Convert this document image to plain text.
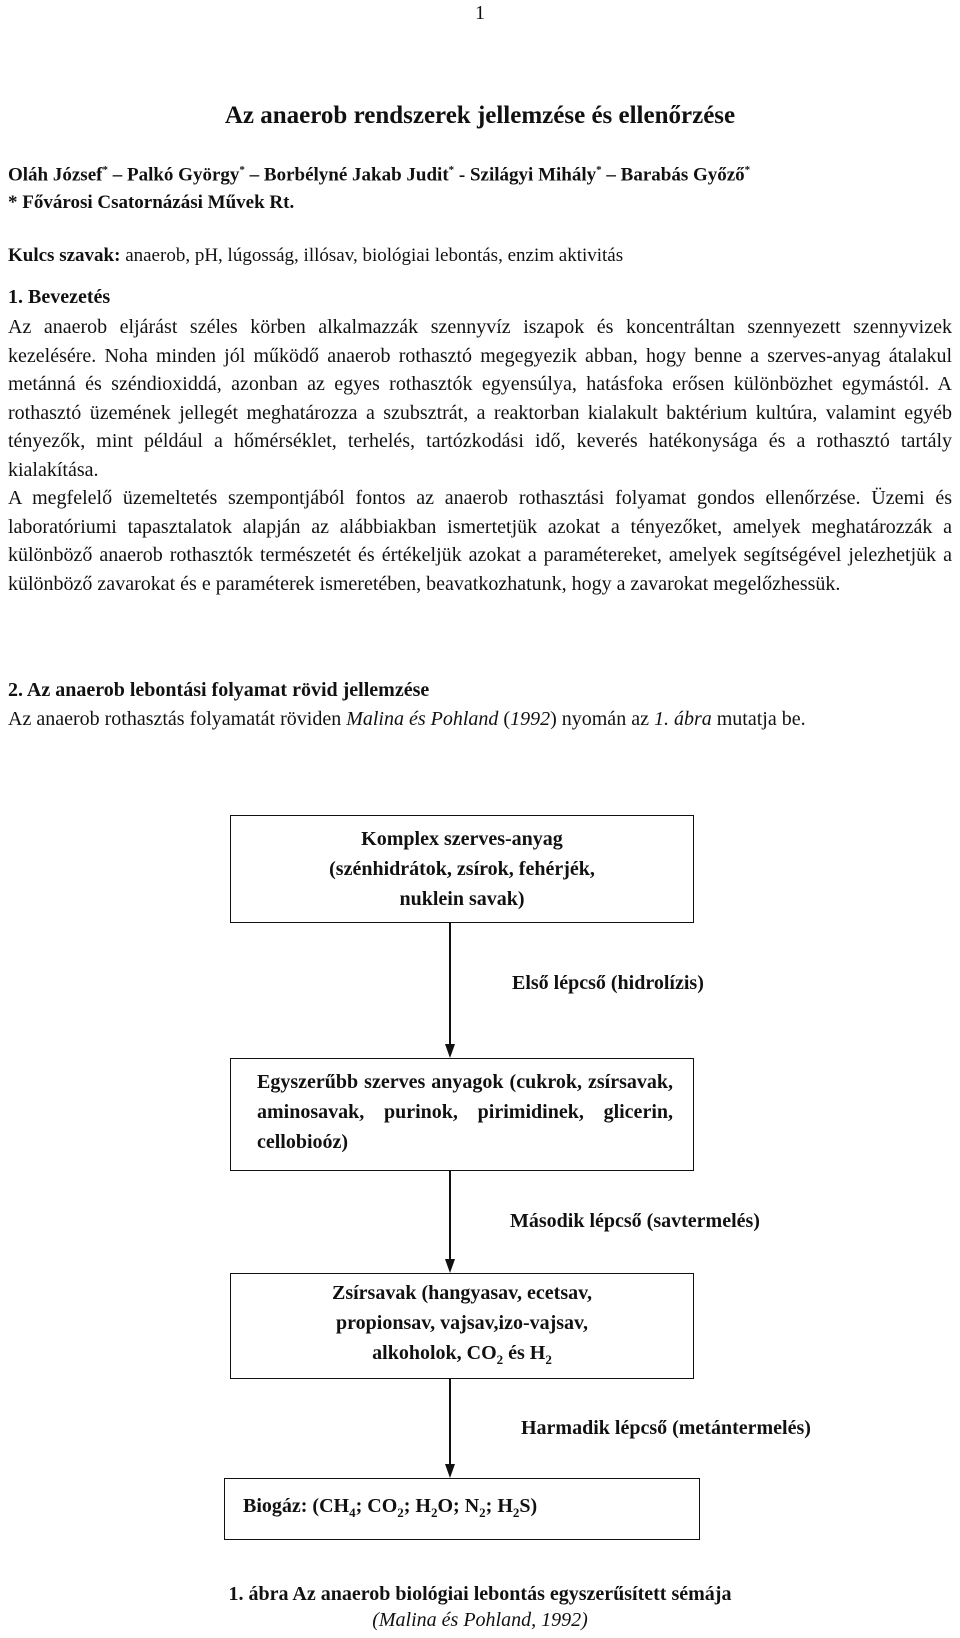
1
Az anaerob rendszerek jellemzése és ellenőrzése
Oláh József* – Palkó György* – Borbélyné Jakab Judit* - Szilágyi Mihály* – Barabás Győző*
* Fővárosi Csatornázási Művek Rt.
Kulcs szavak: anaerob, pH, lúgosság, illósav, biológiai lebontás, enzim aktivitás
1. Bevezetés

Az anaerob eljárást széles körben alkalmazzák szennyvíz iszapok és koncentráltan szennyezett szennyvizek kezelésére. Noha minden jól működő anaerob rothasztó megegyezik abban, hogy benne a szerves-anyag átalakul metánná és széndioxiddá, azonban az egyes rothasztók egyensúlya, hatásfoka erősen különbözhet egymástól. A rothasztó üzemének jellegét meghatározza a szubsztrát, a reaktorban kialakult baktérium kultúra, valamint egyéb tényezők, mint például a hőmérséklet, terhelés, tartózkodási idő, keverés hatékonysága és a rothasztó tartály kialakítása.

A megfelelő üzemeltetés szempontjából fontos az anaerob rothasztási folyamat gondos ellenőrzése. Üzemi és laboratóriumi tapasztalatok alapján az alábbiakban ismertetjük azokat a tényezőket, amelyek meghatározzák a különböző anaerob rothasztók természetét és értékeljük azokat a paramétereket, amelyek segítségével jelezhetjük a különböző zavarokat és e paraméterek ismeretében, beavatkozhatunk, hogy a zavarokat megelőzhessük.

2. Az anaerob lebontási folyamat rövid jellemzése
Az anaerob rothasztás folyamatát röviden Malina és Pohland (1992) nyomán az 1. ábra mutatja be.
Komplex szerves-anyag (szénhidrátok, zsírok, fehérjék, nuklein savak)
Első lépcső (hidrolízis)
Egyszerűbb szerves anyagok (cukrok, zsírsavak, aminosavak, purinok, pirimidinek, glicerin, cellobioóz)
Második lépcső (savtermelés)
Zsírsavak (hangyasav, ecetsav,
propionsav, vajsav,izo-vajsav,
alkoholok, $CO_2$ és $H_2$
Harmadik lépcső (metántermelés)
Biogáz: ($CH_4$; $CO_2$; $H_2O$; $N_2$; $H_2S$)
1. ábra Az anaerob biológiai lebontás egyszerűsített sémája
(Malina és Pohland, 1992)
